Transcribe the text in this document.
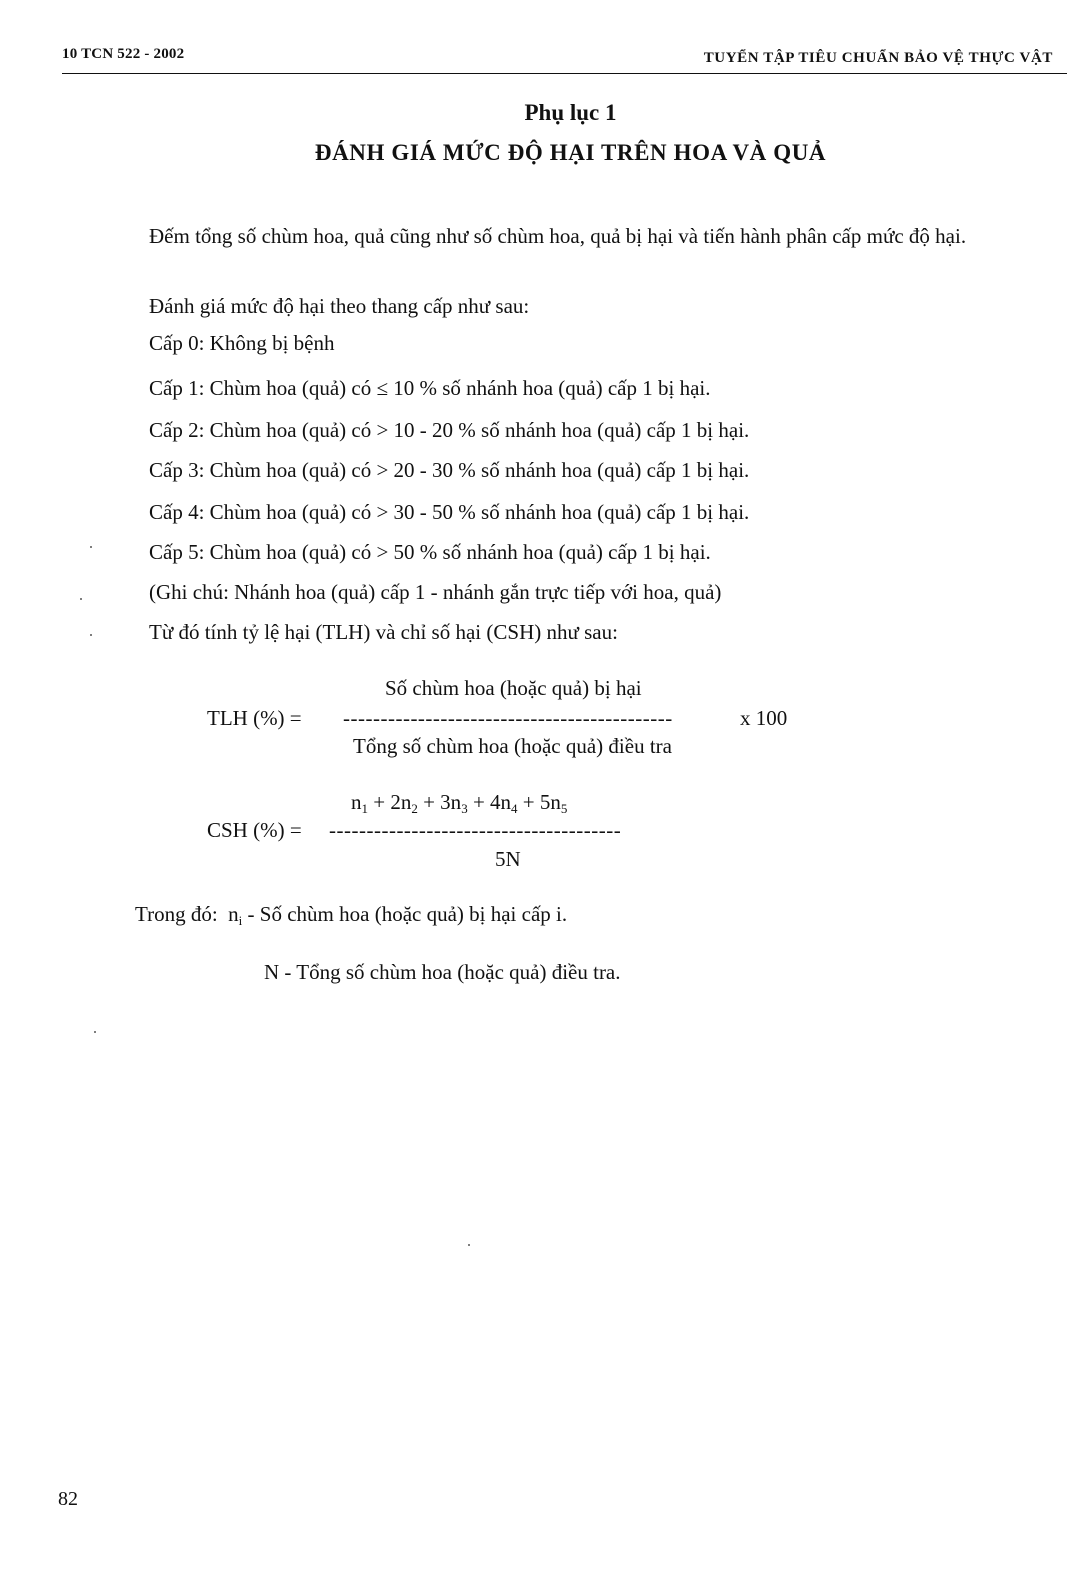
10 TCN 522 - 2002	TUYỂN TẬP TIÊU CHUẨN BẢO VỆ THỰC VẬT
Phụ lục 1
ĐÁNH GIÁ MỨC ĐỘ HẠI TRÊN HOA VÀ QUẢ
Đếm tổng số chùm hoa, quả cũng như số chùm hoa, quả bị hại và tiến hành phân cấp mức độ hại.
Đánh giá mức độ hại theo thang cấp như sau:
Cấp 0: Không bị bệnh
Cấp 1: Chùm hoa (quả) có ≤ 10 % số nhánh hoa (quả) cấp 1 bị hại.
Cấp 2: Chùm hoa (quả) có > 10 - 20 % số nhánh hoa (quả) cấp 1 bị hại.
Cấp 3: Chùm hoa (quả) có > 20 - 30 % số nhánh hoa (quả) cấp 1 bị hại.
Cấp 4: Chùm hoa (quả) có > 30 - 50 % số nhánh hoa (quả) cấp 1 bị hại.
Cấp 5: Chùm hoa (quả) có > 50 % số nhánh hoa (quả) cấp 1 bị hại.
(Ghi chú: Nhánh hoa (quả) cấp 1 - nhánh gắn trực tiếp với hoa, quả)
Từ đó tính tỷ lệ hại (TLH) và chỉ số hại (CSH) như sau:
Số chùm hoa (hoặc quả) bị hại
TLH (%) = --------------------------------------------	x 100
Tổng số chùm hoa (hoặc quả) điều tra
$n_1 + 2n_2 + 3n_3 + 4n_4 + 5n_5$
CSH (%) = ---------------------------------------
5N
Trong đó: $n_i$ - Số chùm hoa (hoặc quả) bị hại cấp i.
N - Tổng số chùm hoa (hoặc quả) điều tra.
82
